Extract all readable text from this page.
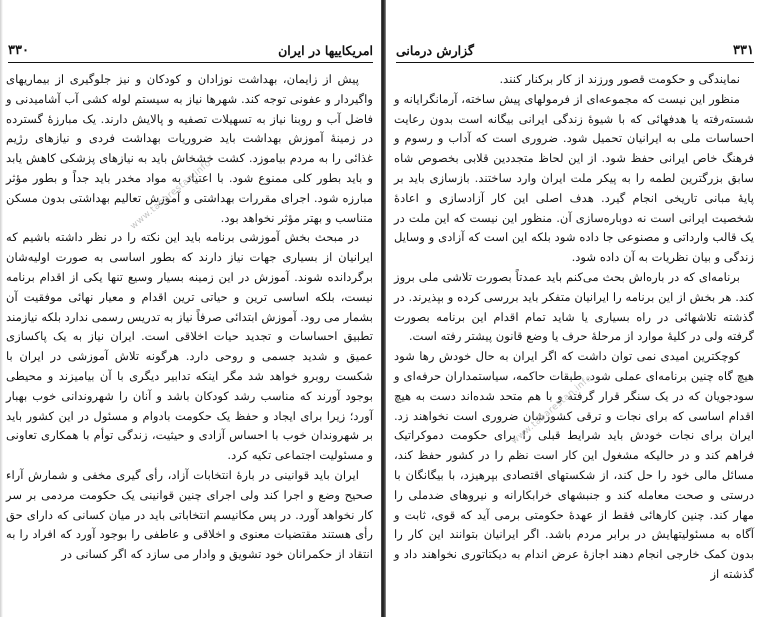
۳۳۰	امریکاییها در ایران

پیش از زایمان، بهداشت نوزادان و کودکان و نیز جلوگیری از بیماریهای واگیردار و عفونی توجه کند. شهرها نیاز به سیستم لوله کشی آب آشامیدنی و فاضل آب و روبنا نیاز به تسهیلات تصفیه و پالایش دارند. یک مبارزهٔ گسترده در زمینهٔ آموزش بهداشت باید ضروریات بهداشت فردی و نیازهای رژیم غذائی را به مردم بیاموزد. کشت خشخاش باید به نیازهای پزشکی کاهش یابد و باید بطور کلی ممنوع شود. با اعتیاد به مواد مخدر باید جداً و بطور مؤثر مبارزه شود. اجرای مقررات بهداشتی و آموزش تعالیم بهداشتی بدون مسکن متناسب و بهتر مؤثر نخواهد بود.

در مبحث بخش آموزشی برنامه باید این نکته را در نظر داشته باشیم که ایرانیان از بسیاری جهات نیاز دارند که بطور اساسی به صورت اولیه‌شان برگردانده شوند. آموزش در این زمینه بسیار وسیع تنها یکی از اقدام برنامه نیست، بلکه اساسی ترین و حیاتی ترین اقدام و معیار نهائی موفقیت آن بشمار می رود. آموزش ابتدائی صرفاً نیاز به تدریس رسمی ندارد بلکه نیازمند تطبیق احساسات و تجدید حیات اخلاقی است. ایران نیاز به یک پاکسازی عمیق و شدید جسمی و روحی دارد. هرگونه تلاش آموزشی در ایران با شکست روبرو خواهد شد مگر اینکه تدابیر دیگری با آن بیامیزند و محیطی بوجود آورند که مناسب رشد کودکان باشد و آنان را شهروندانی خوب بهبار آورد؛ زیرا برای ایجاد و حفظ یک حکومت بادوام و مسئول در این کشور باید بر شهروندان خوب با احساس آزادی و حیثیت، زندگی توأم با همکاری تعاونی و مسئولیت اجتماعی تکیه کرد.

ایران باید قوانینی در بارهٔ انتخابات آزاد، رأی گیری مخفی و شمارش آراء صحیح وضع و اجرا کند ولی اجرای چنین قوانینی یک حکومت مردمی بر سر کار نخواهد آورد. در پس مکانیسم انتخاباتی باید در میان کسانی که دارای حق رأی هستند مقتضیات معنوی و اخلاقی و عاطفی را بوجود آورد که افراد را به انتقاد از حکمرانان خود تشویق و وادار می سازد که اگر کسانی در

www.tabarestan.info
گزارش درمانی	۳۳۱

نمایندگی و حکومت قصور ورزند از کار برکنار کنند.

منظور این نیست که مجموعه‌ای از فرمولهای پیش ساخته، آرمانگرایانه و شسته‌رفته یا هدفهائی که با شیوهٔ زندگی ایرانی بیگانه است بدون رعایت احساسات ملی به ایرانیان تحمیل شود. ضروری است که آداب و رسوم و فرهنگ خاص ایرانی حفظ شود. از این لحاظ متجددین قلابی بخصوص شاه سابق بزرگترین لطمه را به پیکر ملت ایران وارد ساختند. بازسازی باید بر پایهٔ مبانی تاریخی انجام گیرد. هدف اصلی این کار آزادسازی و اعادهٔ شخصیت ایرانی است نه دوباره‌سازی آن. منظور این نیست که این ملت در یک قالب وارداتی و مصنوعی جا داده شود بلکه این است که آزادی و وسایل زندگی و بیان نظریات به آن داده شود.

برنامه‌ای که در باره‌اش بحث می‌کنم باید عمدتاً بصورت تلاشی ملی بروز کند. هر بخش از این برنامه را ایرانیان متفکر باید بررسی کرده و بپذیرند. در گذشته تلاشهائی در راه بسیاری یا شاید تمام اقدام این برنامه بصورت گرفته ولی در کلیهٔ موارد از مرحلهٔ حرف یا وضع قانون پیشتر رفته است.

کوچکترین امیدی نمی توان داشت که اگر ایران به حال خودش رها شود هیچ گاه چنین برنامه‌ای عملی شود. طبقات حاکمه، سیاستمداران حرفه‌ای و سودجویان که در یک سنگر قرار گرفته و با هم متحد شده‌اند دست به هیچ اقدام اساسی که برای نجات و ترقی کشورشان ضروری است نخواهند زد. ایران برای نجات خودش باید شرایط قبلی را برای حکومت دموکراتیک فراهم کند و در حالیکه مشغول این کار است نظم را در کشور حفظ کند، مسائل مالی خود را حل کند، از شکستهای اقتصادی بپرهیزد، با بیگانگان با درستی و صحت معامله کند و جنبشهای خرابکارانه و نیروهای ضدملی را مهار کند. چنین کارهائی فقط از عهدهٔ حکومتی برمی آید که قوی، ثابت و آگاه به مسئولیتهایش در برابر مردم باشد. اگر ایرانیان بتوانند این کار را بدون کمک خارجی انجام دهند اجازهٔ عرض اندام به دیکتاتوری نخواهند داد و گذشته از

www.tabarestan.info
